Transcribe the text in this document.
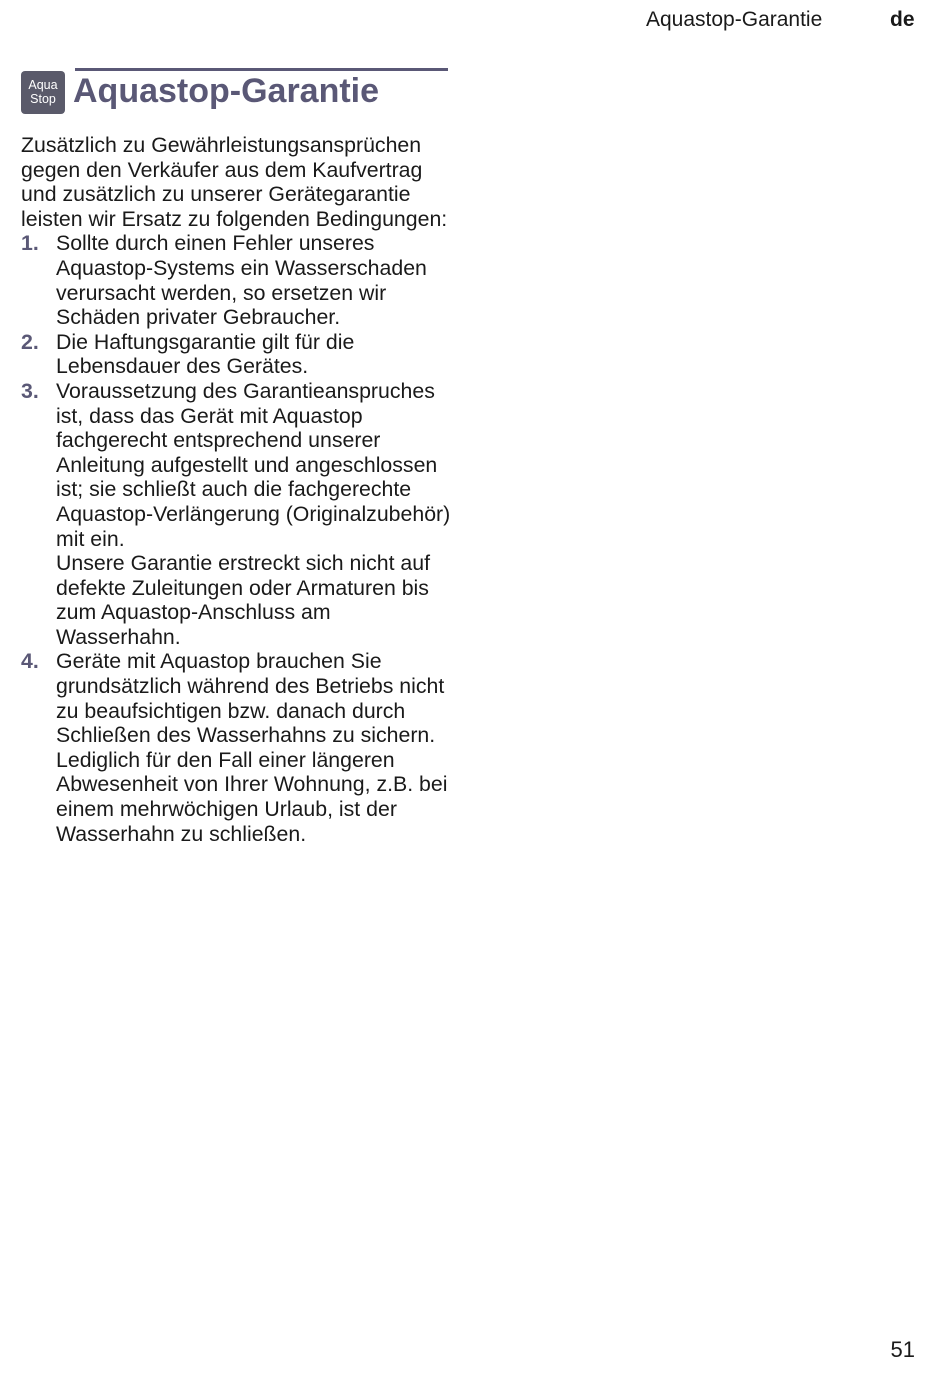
Aquastop-Garantie	de
Aqua
Stop Aquastop-Garantie

Zusätzlich zu Gewährleistungsansprüchen gegen den Verkäufer aus dem Kaufvertrag und zusätzlich zu unserer Gerätegarantie leisten wir Ersatz zu folgenden Bedingungen:

1. Sollte durch einen Fehler unseres Aquastop-Systems ein Wasserschaden verursacht werden, so ersetzen wir Schäden privater Gebraucher.

2. Die Haftungsgarantie gilt für die Lebensdauer des Gerätes.

3. Voraussetzung des Garantieanspruches ist, dass das Gerät mit Aquastop fachgerecht entsprechend unserer Anleitung aufgestellt und angeschlossen ist; sie schließt auch die fachgerechte Aquastop-Verlängerung (Originalzubehör) mit ein.

Unsere Garantie erstreckt sich nicht auf defekte Zuleitungen oder Armaturen bis zum Aquastop-Anschluss am Wasserhahn.

4. Geräte mit Aquastop brauchen Sie grundsätzlich während des Betriebs nicht zu beaufsichtigen bzw. danach durch Schließen des Wasserhahns zu sichern.

Lediglich für den Fall einer längeren Abwesenheit von Ihrer Wohnung, z.B. bei einem mehrwöchigen Urlaub, ist der Wasserhahn zu schließen.

51
